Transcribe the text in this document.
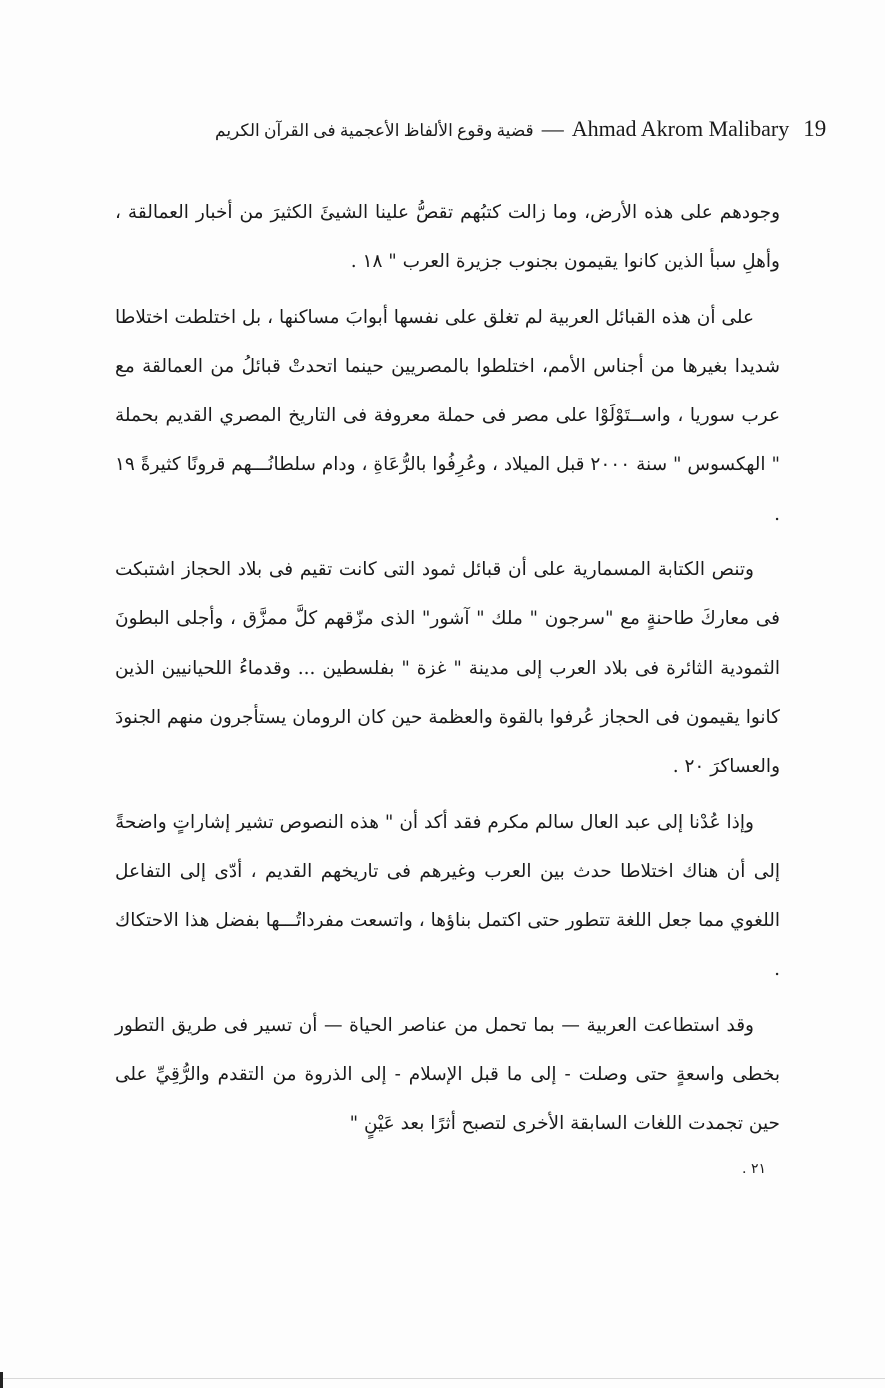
قضية وقوع الألفاظ الأعجمية فى القرآن الكريم — Ahmad Akrom Malibary 19

وجودهم على هذه الأرض، وما زالت كتبُهم تقصُّ علينا الشيئَ الكثيرَ من أخبار العمالقة ، وأهلِ سبأ الذين كانوا يقيمون بجنوب جزيرة العرب " ١٨ .

على أن هذه القبائل العربية لم تغلق على نفسها أبوابَ مساكنها ، بل اختلطت اختلاطا شديدا بغيرها من أجناس الأمم، اختلطوا بالمصريين حينما اتحدتْ قبائلُ من العمالقة مع عرب سوريا ، واســتَوْلَوْا على مصر فى حملة معروفة فى التاريخ المصري القديم بحملة " الهكسوس " سنة ٢٠٠٠ قبل الميلاد ، وعُرِفُوا بالرُّعَاةِ ، ودام سلطانُـــهم قرونًا كثيرةً ١٩ .

وتنص الكتابة المسمارية على أن قبائل ثمود التى كانت تقيم فى بلاد الحجاز اشتبكت فى معاركَ طاحنةٍ مع "سرجون " ملك " آشور" الذى مزّقهم كلَّ ممزَّق ، وأجلى البطونَ الثمودية الثائرة فى بلاد العرب إلى مدينة " غزة " بفلسطين ... وقدماءُ اللحيانيين الذين كانوا يقيمون فى الحجاز عُرفوا بالقوة والعظمة حين كان الرومان يستأجرون منهم الجنودَ والعساكرَ ٢٠ .

وإذا عُدْنا إلى عبد العال سالم مكرم فقد أكد أن " هذه النصوص تشير إشاراتٍ واضحةً إلى أن هناك اختلاطا حدث بين العرب وغيرهم فى تاريخهم القديم ، أدّى إلى التفاعل اللغوي مما جعل اللغة تتطور حتى اكتمل بناؤها ، واتسعت مفرداتُـــها بفضل هذا الاحتكاك .

وقد استطاعت العربية — بما تحمل من عناصر الحياة — أن تسير فى طريق التطور بخطى واسعةٍ حتى وصلت - إلى ما قبل الإسلام - إلى الذروة من التقدم والرُّقِيِّ على حين تجمدت اللغات السابقة الأخرى لتصبح أثرًا بعد عَيْنٍ "

٢١ .
